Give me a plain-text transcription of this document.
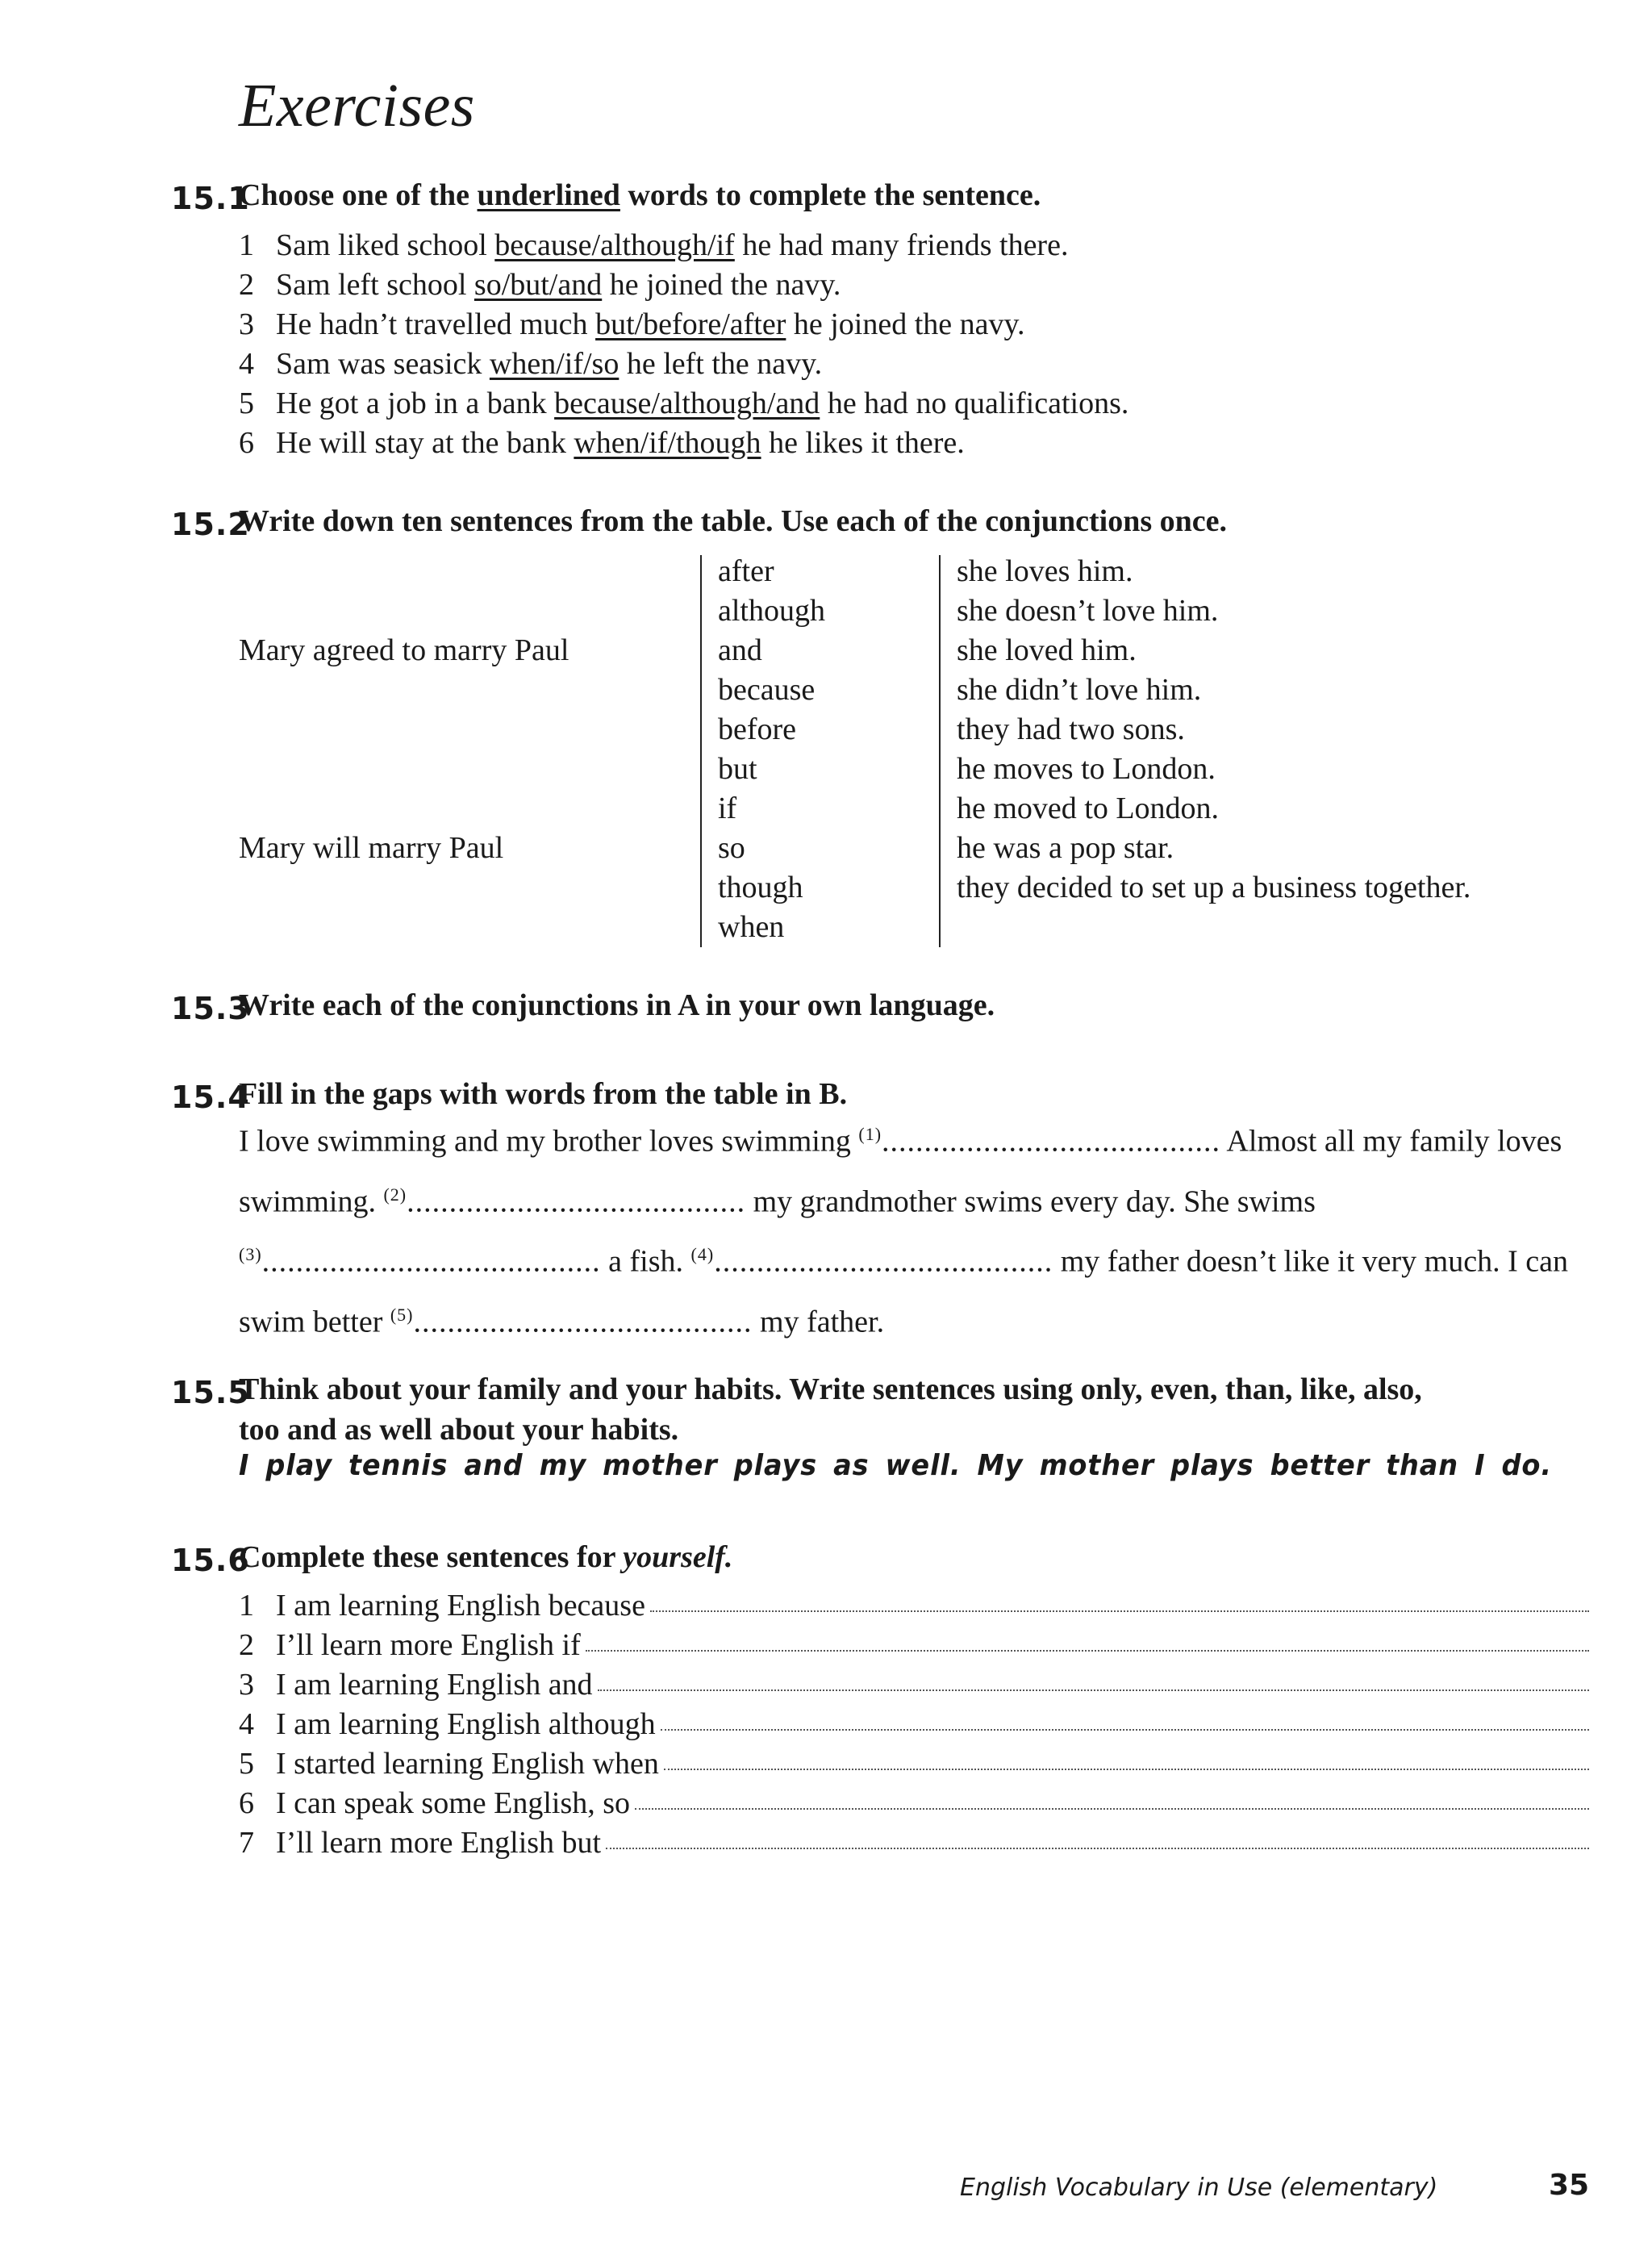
Exercises
15.1
Choose one of the underlined words to complete the sentence.
1 Sam liked school because/although/if he had many friends there.
2 Sam left school so/but/and he joined the navy.
3 He hadn’t travelled much but/before/after he joined the navy.
4 Sam was seasick when/if/so he left the navy.
5 He got a job in a bank because/although/and he had no qualifications.
6 He will stay at the bank when/if/though he likes it there.
15.2
Write down ten sentences from the table. Use each of the conjunctions once.
Mary agreed to marry Paul
Mary will marry Paul
after
although
and
because
before
but
if
so
though
when
she loves him.
she doesn’t love him.
she loved him.
she didn’t love him.
they had two sons.
he moves to London.
he moved to London.
he was a pop star.
they decided to set up a business together.
15.3
Write each of the conjunctions in A in your own language.
15.4
Fill in the gaps with words from the table in B.
I love swimming and my brother loves swimming $^{(1)}$........................................ Almost all my family loves swimming. $^{(2)}$........................................ my grandmother swims every day. She swims $^{(3)}$........................................ a fish. $^{(4)}$........................................ my father doesn’t like it very much. I can swim better $^{(5)}$........................................ my father.
15.5
Think about your family and your habits. Write sentences using only, even, than, like, also,
too and as well about your habits.
I play tennis and my mother plays as well. My mother plays better than I do.
15.6
Complete these sentences for yourself.
1 I am learning English because
2 I’ll learn more English if
3 I am learning English and
4 I am learning English although
5 I started learning English when
6 I can speak some English, so
7 I’ll learn more English but
English Vocabulary in Use (elementary)	35
